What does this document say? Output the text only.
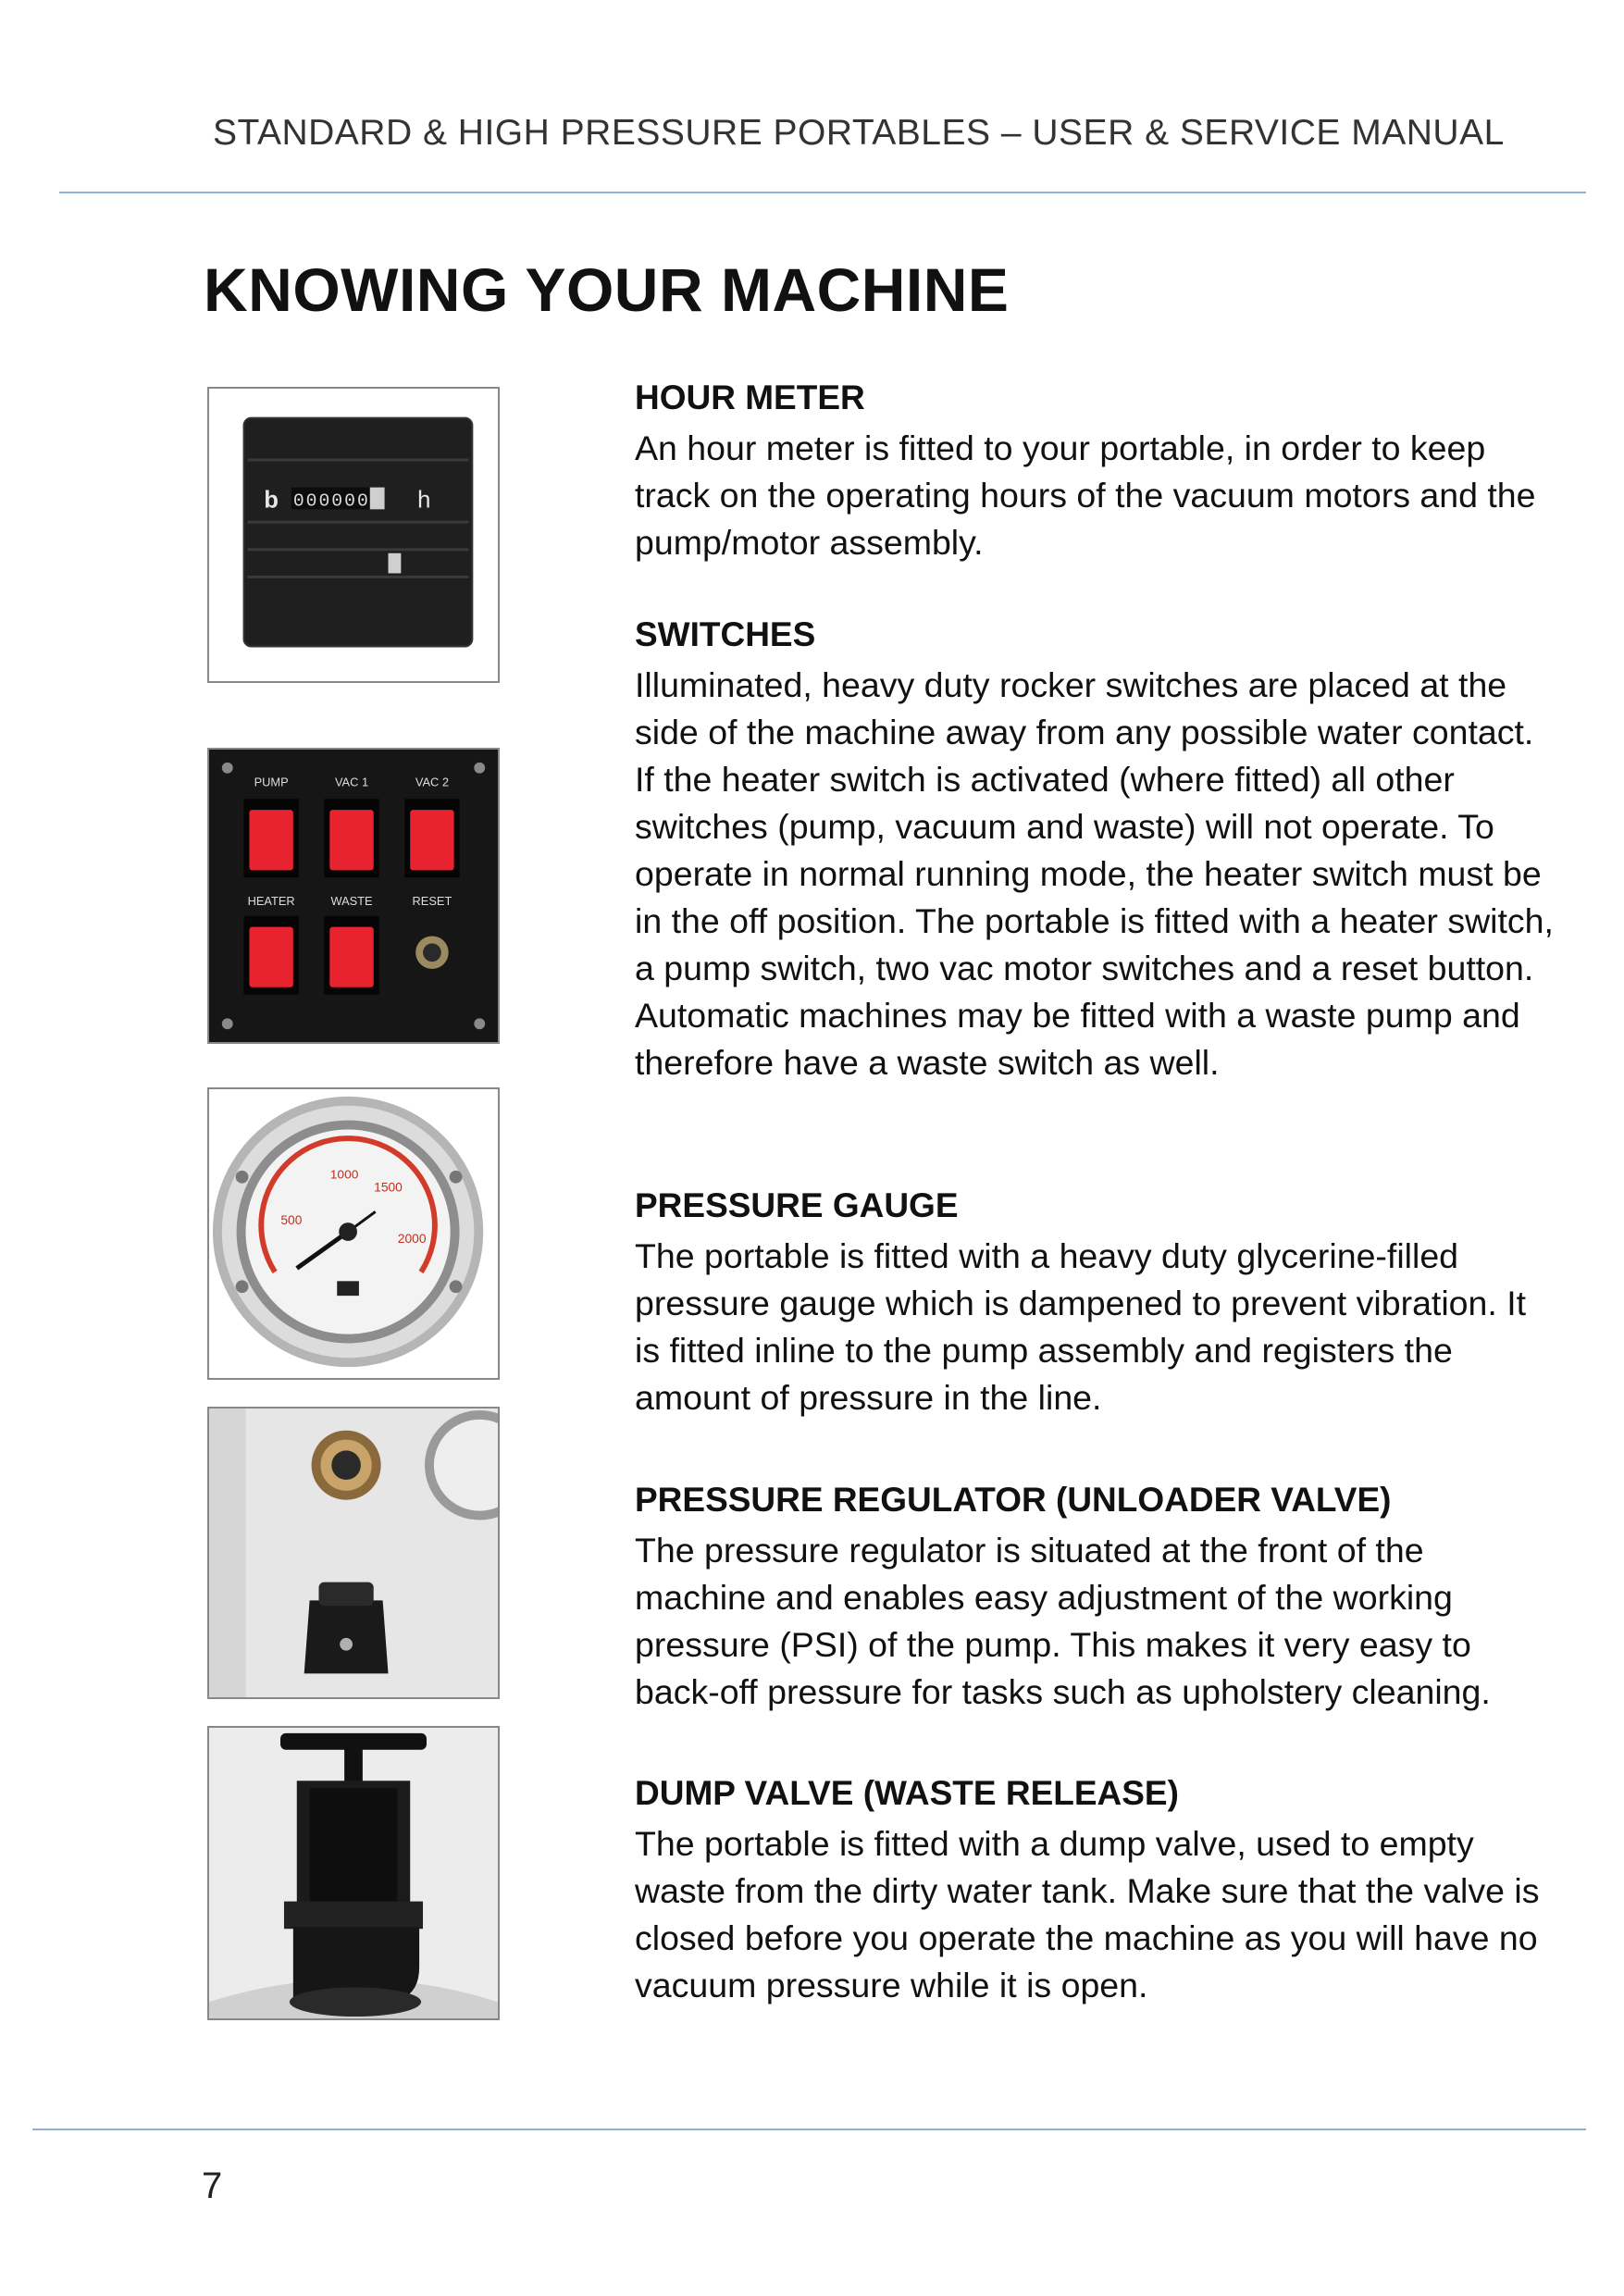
STANDARD & HIGH PRESSURE PORTABLES – USER & SERVICE MANUAL
KNOWING YOUR MACHINE
b 0 0 0 0 0 0 h
PUMP	VAC 1	VAC 2
HEATER	WASTE	RESET
500
1000
1500
2000
HOUR METER

An hour meter is fitted to your portable, in order to keep track on the operating hours of the vacuum motors and the pump/motor assembly.

SWITCHES

Illuminated, heavy duty rocker switches are placed at the side of the machine away from any possible water contact. If the heater switch is activated (where fitted) all other switches (pump, vacuum and waste) will not operate. To operate in normal running mode, the heater switch must be in the off position. The portable is fitted with a heater switch, a pump switch, two vac motor switches and a reset button. Automatic machines may be fitted with a waste pump and therefore have a waste switch as well.

PRESSURE GAUGE

The portable is fitted with a heavy duty glycerine-filled pressure gauge which is dampened to prevent vibration. It is fitted inline to the pump assembly and registers the amount of pressure in the line.

PRESSURE REGULATOR (UNLOADER VALVE)

The pressure regulator is situated at the front of the machine and enables easy adjustment of the working pressure (PSI) of the pump. This makes it very easy to back-off pressure for tasks such as upholstery cleaning.

DUMP VALVE (WASTE RELEASE)

The portable is fitted with a dump valve, used to empty waste from the dirty water tank. Make sure that the valve is closed before you operate the machine as you will have no vacuum pressure while it is open.

7
